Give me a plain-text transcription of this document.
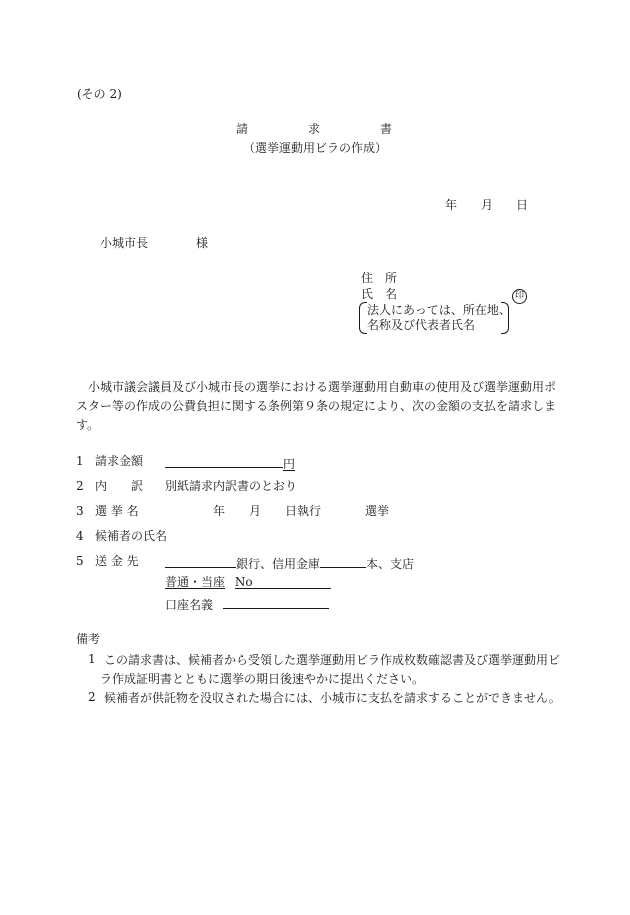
(その 2)
請	求	書
（選挙運動用ビラの作成）
年 月 日
小城市長	様
住　所
氏　名	印
法人にあっては、所在地、
名称及び代表者氏名
小城市議会議員及び小城市長の選挙における選挙運動用自動車の使用及び選挙運動用ポスター等の作成の公費負担に関する条例第９条の規定により、次の金額の支払を請求します。
1 請求金額	円
2 内　　訳 別紙請求内訳書のとおり
3 選 挙 名	年 月 日執行	選挙
4 候補者の氏名
5 送 金 先	銀行、信用金庫	本、支店
普通・当座 No
口座名義
備考
1 この請求書は、候補者から受領した選挙運動用ビラ作成枚数確認書及び選挙運動用ビラ作成証明書とともに選挙の期日後速やかに提出ください。
2 候補者が供託物を没収された場合には、小城市に支払を請求することができません。
